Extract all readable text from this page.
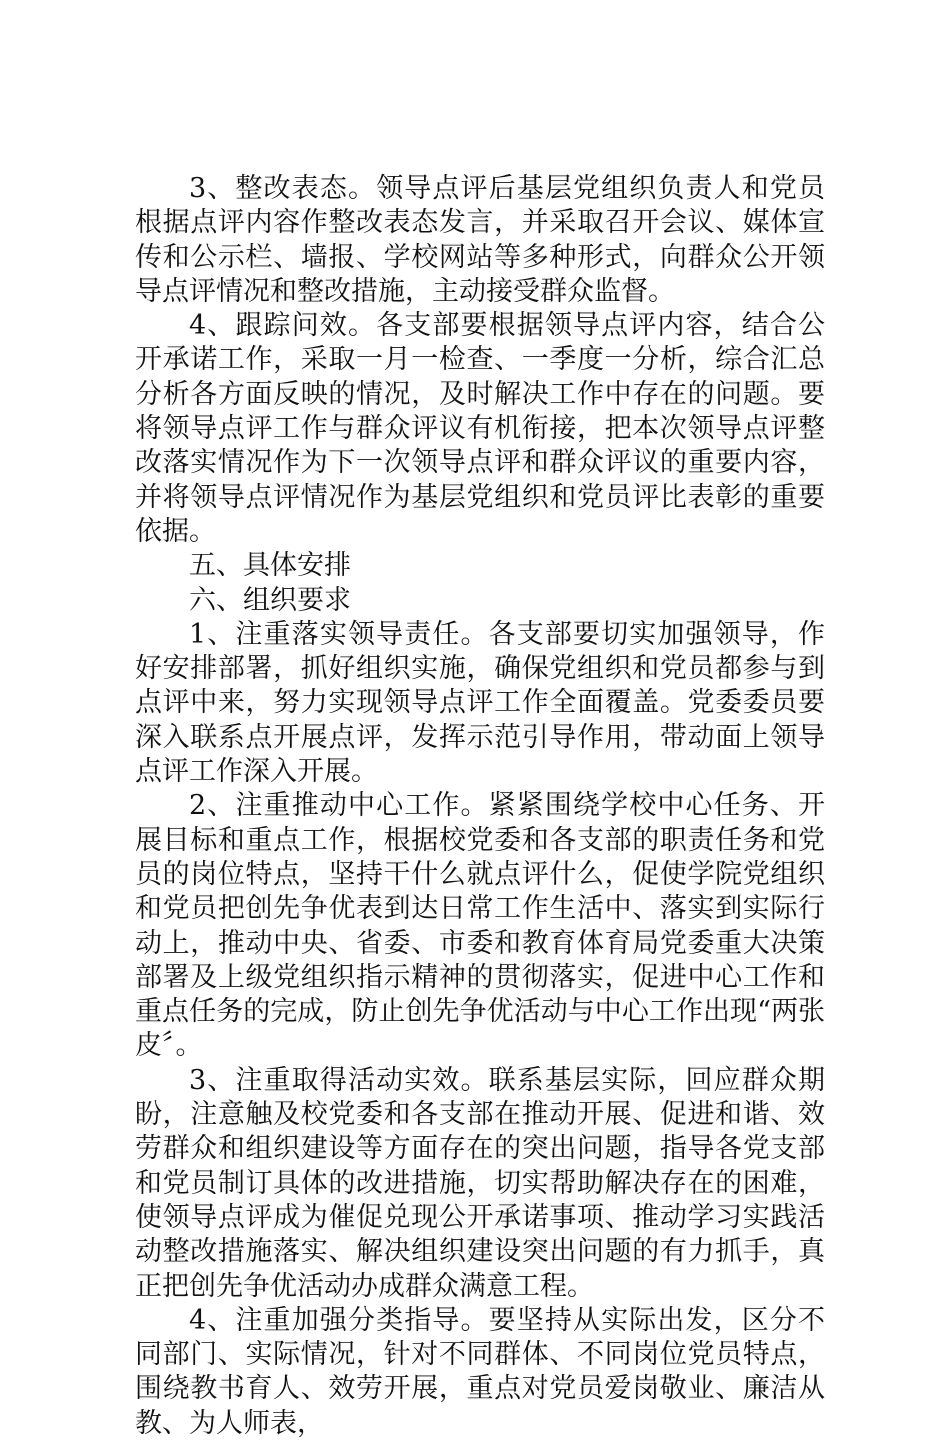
3、整改表态。领导点评后基层党组织负责人和党员根据点评内容作整改表态发言，并采取召开会议、媒体宣传和公示栏、墙报、学校网站等多种形式，向群众公开领导点评情况和整改措施，主动接受群众监督。

4、跟踪问效。各支部要根据领导点评内容，结合公开承诺工作，采取一月一检查、一季度一分析，综合汇总分析各方面反映的情况，及时解决工作中存在的问题。要将领导点评工作与群众评议有机衔接，把本次领导点评整改落实情况作为下一次领导点评和群众评议的重要内容，并将领导点评情况作为基层党组织和党员评比表彰的重要依据。

五、具体安排

六、组织要求

1、注重落实领导责任。各支部要切实加强领导，作好安排部署，抓好组织实施，确保党组织和党员都参与到点评中来，努力实现领导点评工作全面覆盖。党委委员要深入联系点开展点评，发挥示范引导作用，带动面上领导点评工作深入开展。

2、注重推动中心工作。紧紧围绕学校中心任务、开展目标和重点工作，根据校党委和各支部的职责任务和党员的岗位特点，坚持干什么就点评什么，促使学院党组织和党员把创先争优表到达日常工作生活中、落实到实际行动上，推动中央、省委、市委和教育体育局党委重大决策部署及上级党组织指示精神的贯彻落实，促进中心工作和重点任务的完成，防止创先争优活动与中心工作出现“两张皮〞。

3、注重取得活动实效。联系基层实际，回应群众期盼，注意触及校党委和各支部在推动开展、促进和谐、效劳群众和组织建设等方面存在的突出问题，指导各党支部和党员制订具体的改进措施，切实帮助解决存在的困难，使领导点评成为催促兑现公开承诺事项、推动学习实践活动整改措施落实、解决组织建设突出问题的有力抓手，真正把创先争优活动办成群众满意工程。

4、注重加强分类指导。要坚持从实际出发，区分不同部门、实际情况，针对不同群体、不同岗位党员特点，围绕教书育人、效劳开展，重点对党员爱岗敬业、廉洁从教、为人师表，
